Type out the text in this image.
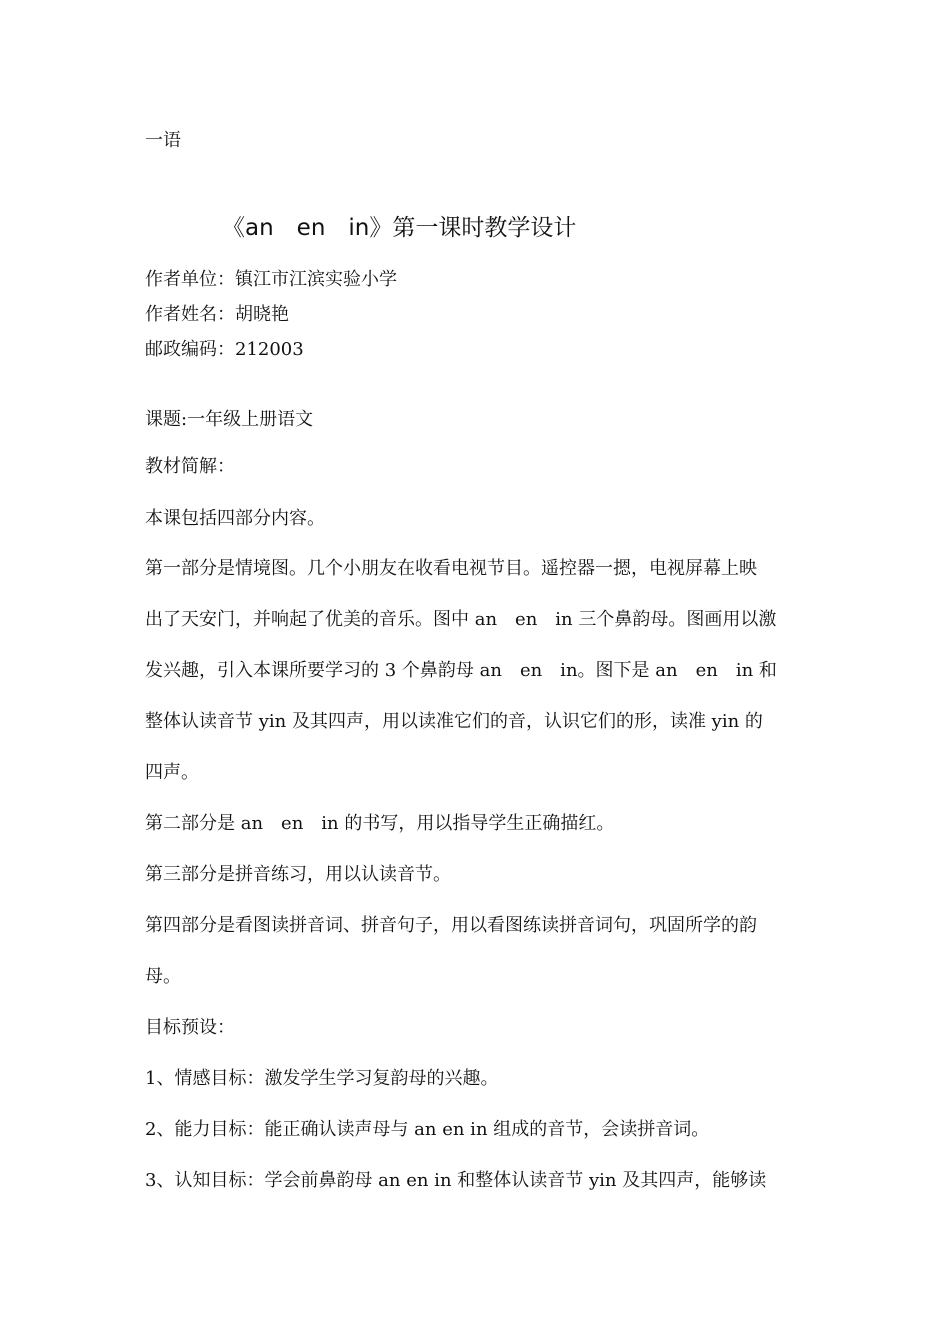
一语
《an　en　in》第一课时教学设计
作者单位：镇江市江滨实验小学
作者姓名：胡晓艳
邮政编码：212003
课题:一年级上册语文
教材简解：
本课包括四部分内容。
第一部分是情境图。几个小朋友在收看电视节目。遥控器一摁，电视屏幕上映
出了天安门，并响起了优美的音乐。图中 an　en　in 三个鼻韵母。图画用以激
发兴趣，引入本课所要学习的 3 个鼻韵母 an　en　in。图下是 an　en　in 和
整体认读音节 yin 及其四声，用以读准它们的音，认识它们的形，读准 yin 的
四声。
第二部分是 an　en　in 的书写，用以指导学生正确描红。
第三部分是拼音练习，用以认读音节。
第四部分是看图读拼音词、拼音句子，用以看图练读拼音词句，巩固所学的韵
母。
目标预设：
1、情感目标：激发学生学习复韵母的兴趣。
2、能力目标：能正确认读声母与 an en in 组成的音节，会读拼音词。
3、认知目标：学会前鼻韵母 an en in 和整体认读音节 yin 及其四声，能够读
